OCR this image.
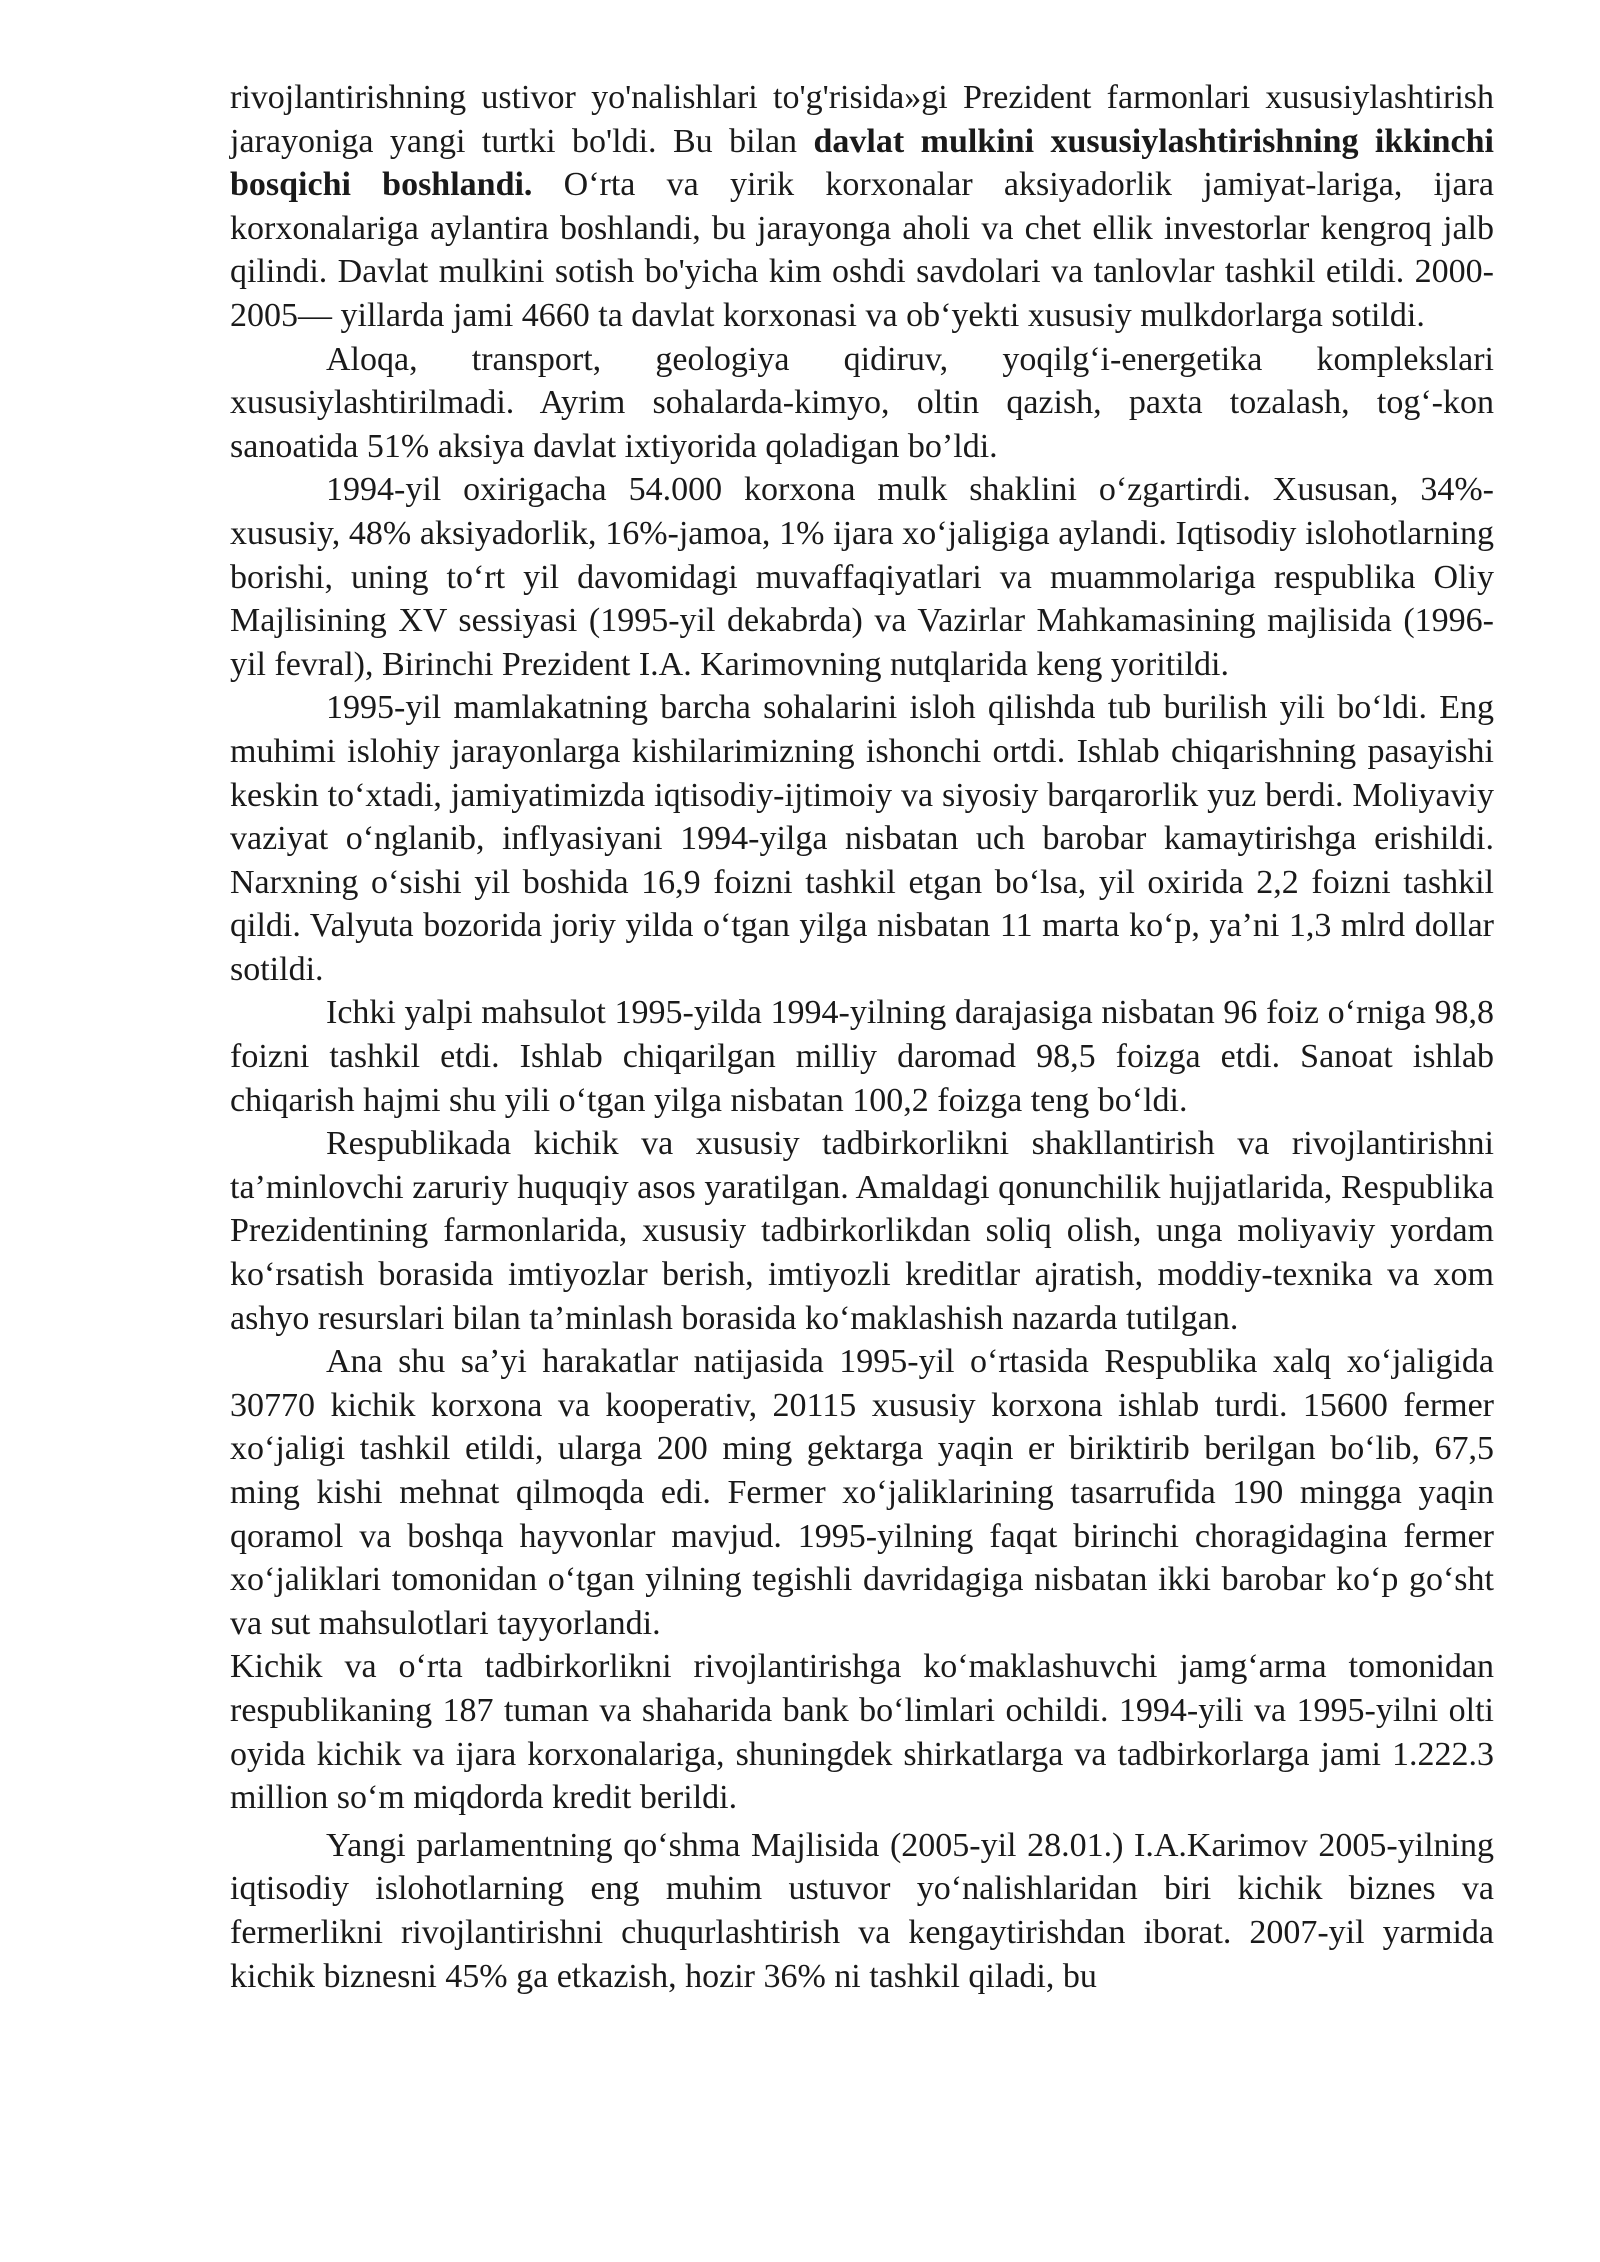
rivojlantirishning ustivor yo'nalishlari to'g'risida»gi Prezident farmonlari xususiylashtirish jarayoniga yangi turtki bo'ldi. Bu bilan davlat mulkini xususiylashtirishning ikkinchi bosqichi boshlandi. O‘rta va yirik korxonalar aksiyadorlik jamiyat-lariga, ijara korxonalariga aylantira boshlandi, bu jarayonga aholi va chet ellik investorlar kengroq jalb qilindi. Davlat mulkini sotish bo'yicha kim oshdi savdolari va tanlovlar tashkil etildi. 2000-2005— yillarda jami 4660 ta davlat korxonasi va ob‘yekti xususiy mulkdorlarga sotildi.

Aloqa, transport, geologiya qidiruv, yoqilg‘i-energetika komplekslari xususiylashtirilmadi. Ayrim sohalarda-kimyo, oltin qazish, paxta tozalash, tog‘-kon sanoatida 51% aksiya davlat ixtiyorida qoladigan bo’ldi.

1994-yil oxirigacha 54.000 korxona mulk shaklini o‘zgartirdi. Xususan, 34%-xususiy, 48% aksiyadorlik, 16%-jamoa, 1% ijara xo‘jaligiga aylandi. Iqtisodiy islohotlarning borishi, uning to‘rt yil davomidagi muvaffaqiyatlari va muammolariga respublika Oliy Majlisining XV sessiyasi (1995-yil dekabrda) va Vazirlar Mahkamasining majlisida (1996-yil fevral), Birinchi Prezident I.A. Karimovning nutqlarida keng yoritildi.

1995-yil mamlakatning barcha sohalarini isloh qilishda tub burilish yili bo‘ldi. Eng muhimi islohiy jarayonlarga kishilarimizning ishonchi ortdi. Ishlab chiqarishning pasayishi keskin to‘xtadi, jamiyatimizda iqtisodiy-ijtimoiy va siyosiy barqarorlik yuz berdi. Moliyaviy vaziyat o‘nglanib, inflyasiyani 1994-yilga nisbatan uch barobar kamaytirishga erishildi. Narxning o‘sishi yil boshida 16,9 foizni tashkil etgan bo‘lsa, yil oxirida 2,2 foizni tashkil qildi. Valyuta bozorida joriy yilda o‘tgan yilga nisbatan 11 marta ko‘p, ya’ni 1,3 mlrd dollar sotildi.

Ichki yalpi mahsulot 1995-yilda 1994-yilning darajasiga nisbatan 96 foiz o‘rniga 98,8 foizni tashkil etdi. Ishlab chiqarilgan milliy daromad 98,5 foizga etdi. Sanoat ishlab chiqarish hajmi shu yili o‘tgan yilga nisbatan 100,2 foizga teng bo‘ldi.

Respublikada kichik va xususiy tadbirkorlikni shakllantirish va rivojlantirishni ta’minlovchi zaruriy huquqiy asos yaratilgan. Amaldagi qonunchilik hujjatlarida, Respublika Prezidentining farmonlarida, xususiy tadbirkorlikdan soliq olish, unga moliyaviy yordam ko‘rsatish borasida imtiyozlar berish, imtiyozli kreditlar ajratish, moddiy-texnika va xom ashyo resurslari bilan ta’minlash borasida ko‘maklashish nazarda tutilgan.

Ana shu sa’yi harakatlar natijasida 1995-yil o‘rtasida Respublika xalq xo‘jaligida 30770 kichik korxona va kooperativ, 20115 xususiy korxona ishlab turdi. 15600 fermer xo‘jaligi tashkil etildi, ularga 200 ming gektarga yaqin er biriktirib berilgan bo‘lib, 67,5 ming kishi mehnat qilmoqda edi. Fermer xo‘jaliklarining tasarrufida 190 mingga yaqin qoramol va boshqa hayvonlar mavjud. 1995-yilning faqat birinchi choragidagina fermer xo‘jaliklari tomonidan o‘tgan yilning tegishli davridagiga nisbatan ikki barobar ko‘p go‘sht va sut mahsulotlari tayyorlandi.

Kichik va o‘rta tadbirkorlikni rivojlantirishga ko‘maklashuvchi jamg‘arma tomonidan respublikaning 187 tuman va shaharida bank bo‘limlari ochildi. 1994-yili va 1995-yilni olti oyida kichik va ijara korxonalariga, shuningdek shirkatlarga va tadbirkorlarga jami 1.222.3 million so‘m miqdorda kredit berildi.

Yangi parlamentning qo‘shma Majlisida (2005-yil 28.01.) I.A.Karimov 2005-yilning iqtisodiy islohotlarning eng muhim ustuvor yo‘nalishlaridan biri kichik biznes va fermerlikni rivojlantirishni chuqurlashtirish va kengaytirishdan iborat. 2007-yil yarmida kichik biznesni 45% ga etkazish, hozir 36% ni tashkil qiladi, bu
